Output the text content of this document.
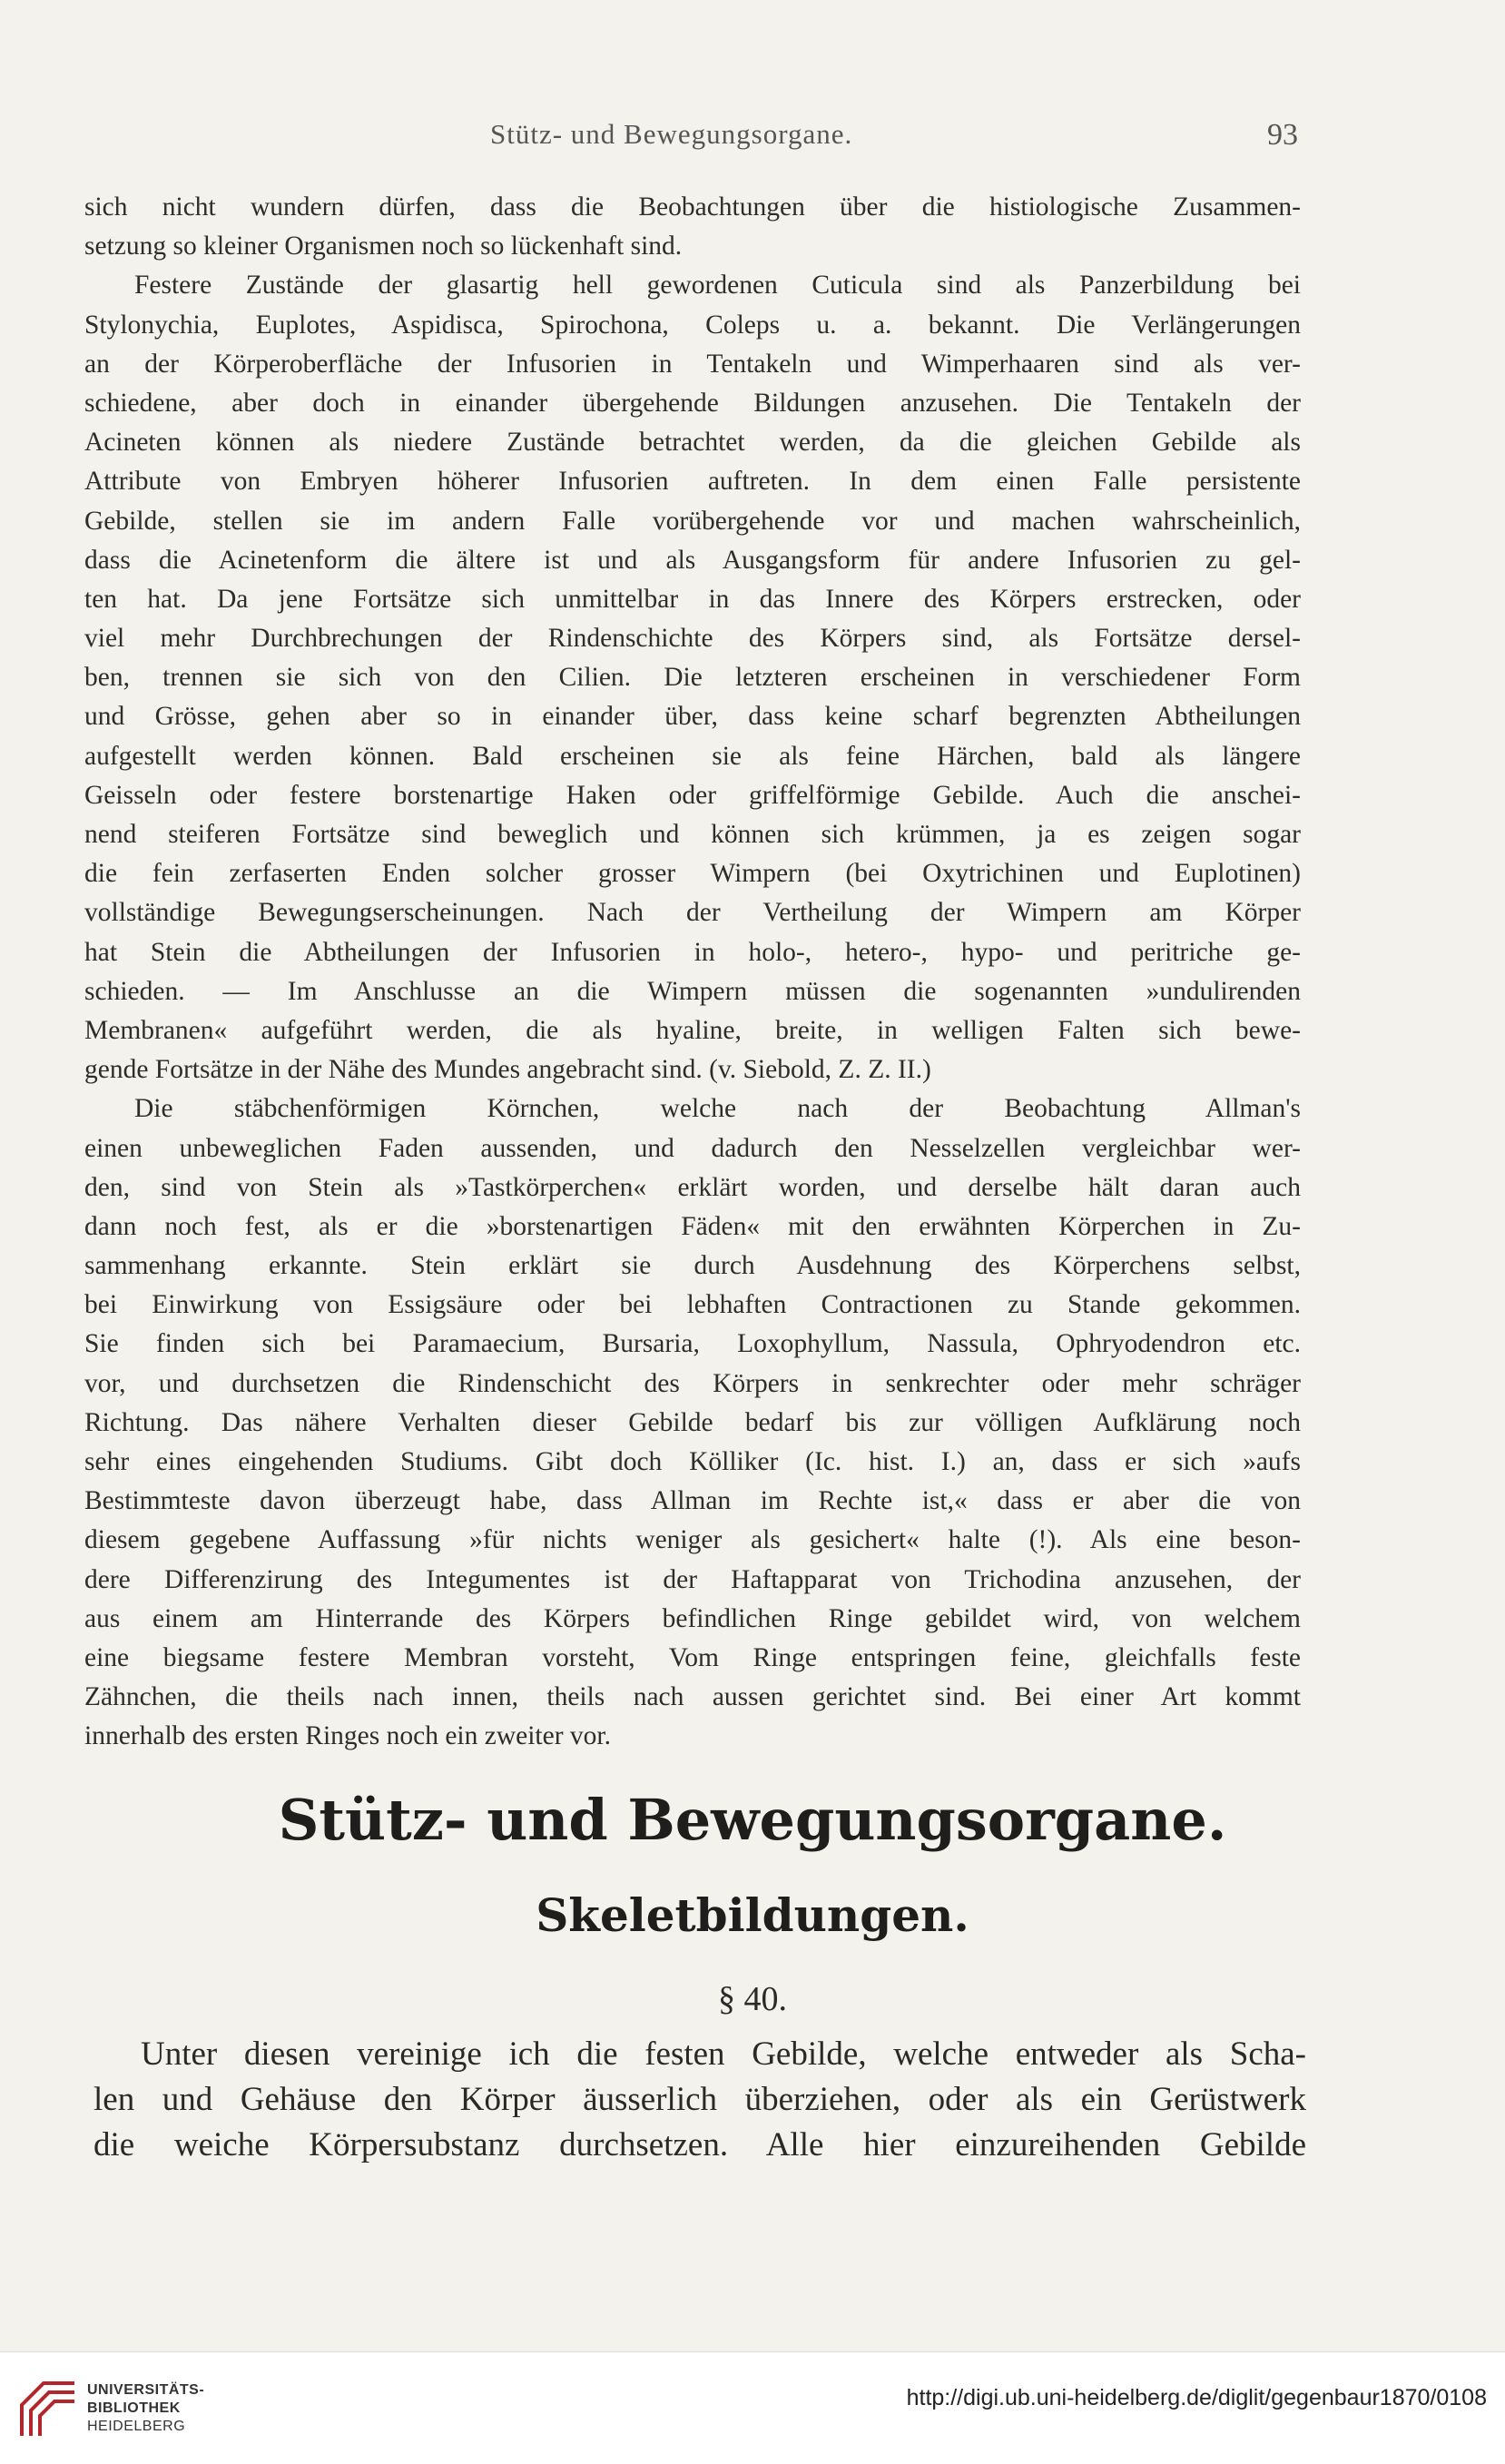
Stütz- und Bewegungsorgane.	93
sich nicht wundern dürfen, dass die Beobachtungen über die histiologische Zusammen-
setzung so kleiner Organismen noch so lückenhaft sind.
Festere Zustände der glasartig hell gewordenen Cuticula sind als Panzerbildung bei
Stylonychia, Euplotes, Aspidisca, Spirochona, Coleps u. a. bekannt. Die Verlängerungen
an der Körperoberfläche der Infusorien in Tentakeln und Wimperhaaren sind als ver-
schiedene, aber doch in einander übergehende Bildungen anzusehen. Die Tentakeln der
Acineten können als niedere Zustände betrachtet werden, da die gleichen Gebilde als
Attribute von Embryen höherer Infusorien auftreten. In dem einen Falle persistente
Gebilde, stellen sie im andern Falle vorübergehende vor und machen wahrscheinlich,
dass die Acinetenform die ältere ist und als Ausgangsform für andere Infusorien zu gel-
ten hat. Da jene Fortsätze sich unmittelbar in das Innere des Körpers erstrecken, oder
viel mehr Durchbrechungen der Rindenschichte des Körpers sind, als Fortsätze dersel-
ben, trennen sie sich von den Cilien. Die letzteren erscheinen in verschiedener Form
und Grösse, gehen aber so in einander über, dass keine scharf begrenzten Abtheilungen
aufgestellt werden können. Bald erscheinen sie als feine Härchen, bald als längere
Geisseln oder festere borstenartige Haken oder griffelförmige Gebilde. Auch die anschei-
nend steiferen Fortsätze sind beweglich und können sich krümmen, ja es zeigen sogar
die fein zerfaserten Enden solcher grosser Wimpern (bei Oxytrichinen und Euplotinen)
vollständige Bewegungserscheinungen. Nach der Vertheilung der Wimpern am Körper
hat Stein die Abtheilungen der Infusorien in holo-, hetero-, hypo- und peritriche ge-
schieden. — Im Anschlusse an die Wimpern müssen die sogenannten »undulirenden
Membranen« aufgeführt werden, die als hyaline, breite, in welligen Falten sich bewe-
gende Fortsätze in der Nähe des Mundes angebracht sind. (v. Siebold, Z. Z. II.)
Die stäbchenförmigen Körnchen, welche nach der Beobachtung Allman's
einen unbeweglichen Faden aussenden, und dadurch den Nesselzellen vergleichbar wer-
den, sind von Stein als »Tastkörperchen« erklärt worden, und derselbe hält daran auch
dann noch fest, als er die »borstenartigen Fäden« mit den erwähnten Körperchen in Zu-
sammenhang erkannte. Stein erklärt sie durch Ausdehnung des Körperchens selbst,
bei Einwirkung von Essigsäure oder bei lebhaften Contractionen zu Stande gekommen.
Sie finden sich bei Paramaecium, Bursaria, Loxophyllum, Nassula, Ophryodendron etc.
vor, und durchsetzen die Rindenschicht des Körpers in senkrechter oder mehr schräger
Richtung. Das nähere Verhalten dieser Gebilde bedarf bis zur völligen Aufklärung noch
sehr eines eingehenden Studiums. Gibt doch Kölliker (Ic. hist. I.) an, dass er sich »aufs
Bestimmteste davon überzeugt habe, dass Allman im Rechte ist,« dass er aber die von
diesem gegebene Auffassung »für nichts weniger als gesichert« halte (!). Als eine beson-
dere Differenzirung des Integumentes ist der Haftapparat von Trichodina anzusehen, der
aus einem am Hinterrande des Körpers befindlichen Ringe gebildet wird, von welchem
eine biegsame festere Membran vorsteht, Vom Ringe entspringen feine, gleichfalls feste
Zähnchen, die theils nach innen, theils nach aussen gerichtet sind. Bei einer Art kommt
innerhalb des ersten Ringes noch ein zweiter vor.
Stütz- und Bewegungsorgane.
Skeletbildungen.
§ 40.
Unter diesen vereinige ich die festen Gebilde, welche entweder als Scha-
len und Gehäuse den Körper äusserlich überziehen, oder als ein Gerüstwerk
die weiche Körpersubstanz durchsetzen. Alle hier einzureihenden Gebilde
UNIVERSITÄTS-
BIBLIOTHEK
HEIDELBERG
http://digi.ub.uni-heidelberg.de/diglit/gegenbaur1870/0108
